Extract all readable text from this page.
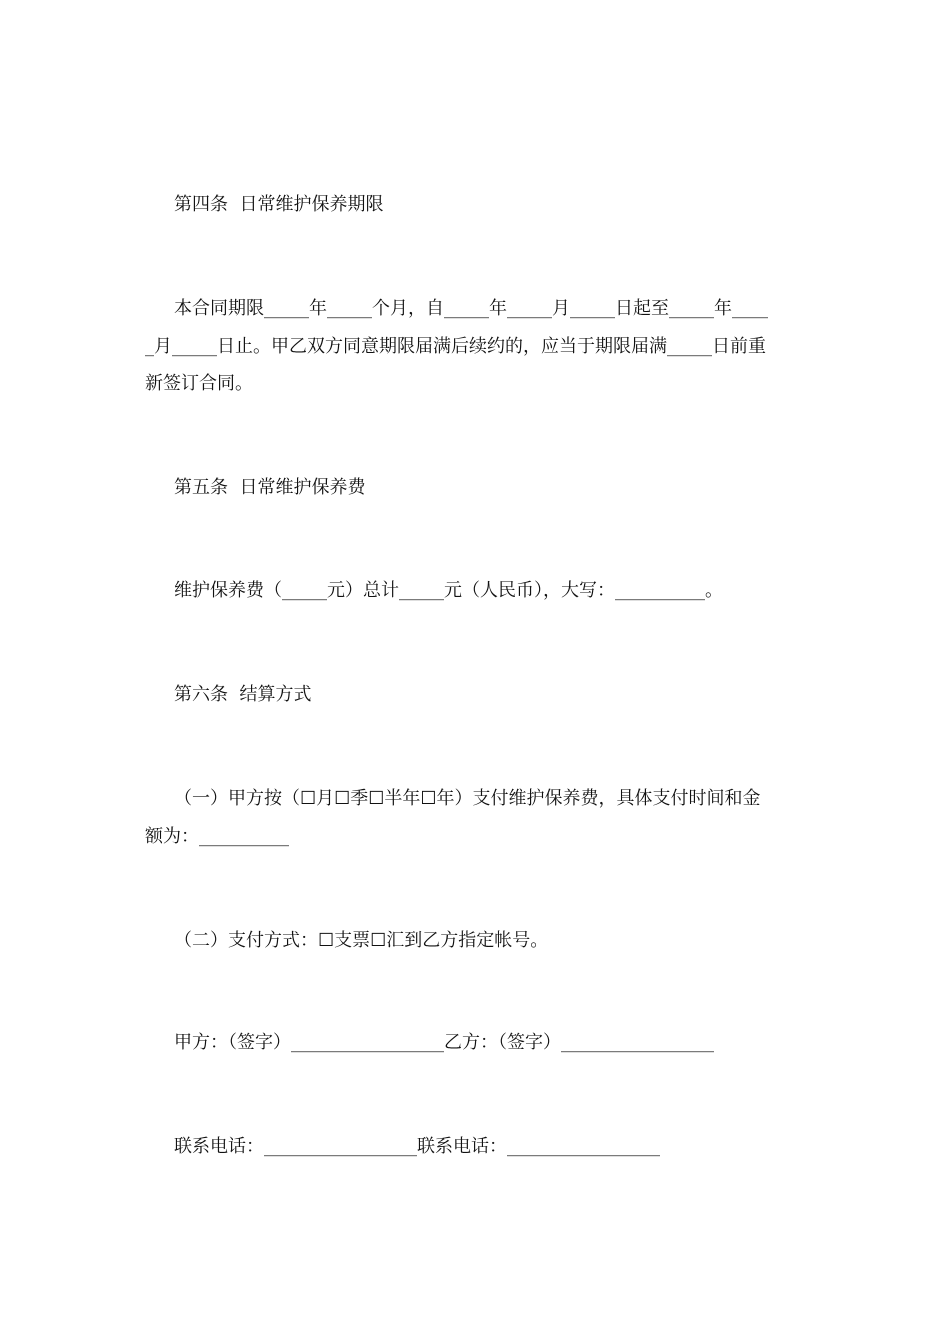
第四条  日常维护保养期限
本合同期限_____年_____个月，自_____年_____月_____日起至_____年____
_月_____日止。甲乙双方同意期限届满后续约的，应当于期限届满_____日前重
新签订合同。
第五条  日常维护保养费
维护保养费（_____元）总计_____元（人民币），大写：__________。
第六条  结算方式
（一）甲方按（☐月☐季☐半年☐年）支付维护保养费，具体支付时间和金
额为：__________
（二）支付方式：☐支票☐汇到乙方指定帐号。
甲方：（签字）_________________乙方：（签字）_________________
联系电话：_________________联系电话：_________________
